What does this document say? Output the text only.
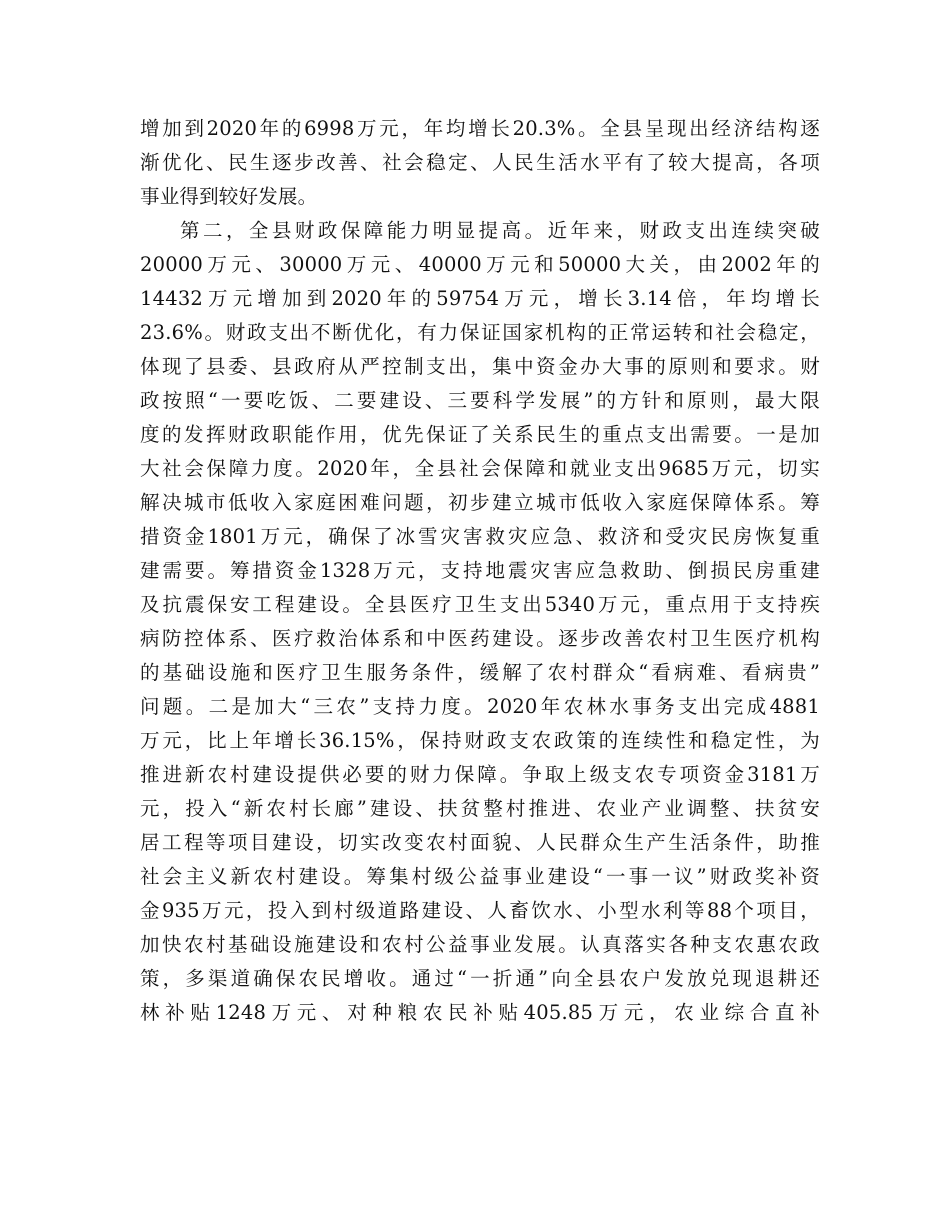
增加到2020年的6998万元，年均增长20.3%。全县呈现出经济结构逐
渐优化、民生逐步改善、社会稳定、人民生活水平有了较大提高，各项
事业得到较好发展。
第二，全县财政保障能力明显提高。近年来，财政支出连续突破
20000万元、30000万元、40000万元和50000大关，由2002年的
14432万元增加到2020年的59754万元，增长3.14倍，年均增长
23.6%。财政支出不断优化，有力保证国家机构的正常运转和社会稳定，
体现了县委、县政府从严控制支出，集中资金办大事的原则和要求。财
政按照“一要吃饭、二要建设、三要科学发展”的方针和原则，最大限
度的发挥财政职能作用，优先保证了关系民生的重点支出需要。一是加
大社会保障力度。2020年，全县社会保障和就业支出9685万元，切实
解决城市低收入家庭困难问题，初步建立城市低收入家庭保障体系。筹
措资金1801万元，确保了冰雪灾害救灾应急、救济和受灾民房恢复重
建需要。筹措资金1328万元，支持地震灾害应急救助、倒损民房重建
及抗震保安工程建设。全县医疗卫生支出5340万元，重点用于支持疾
病防控体系、医疗救治体系和中医药建设。逐步改善农村卫生医疗机构
的基础设施和医疗卫生服务条件，缓解了农村群众“看病难、看病贵”
问题。二是加大“三农”支持力度。2020年农林水事务支出完成4881
万元，比上年增长36.15%，保持财政支农政策的连续性和稳定性，为
推进新农村建设提供必要的财力保障。争取上级支农专项资金3181万
元，投入“新农村长廊”建设、扶贫整村推进、农业产业调整、扶贫安
居工程等项目建设，切实改变农村面貌、人民群众生产生活条件，助推
社会主义新农村建设。筹集村级公益事业建设“一事一议”财政奖补资
金935万元，投入到村级道路建设、人畜饮水、小型水利等88个项目，
加快农村基础设施建设和农村公益事业发展。认真落实各种支农惠农政
策，多渠道确保农民增收。通过“一折通”向全县农户发放兑现退耕还
林补贴1248万元、对种粮农民补贴405.85万元，农业综合直补
